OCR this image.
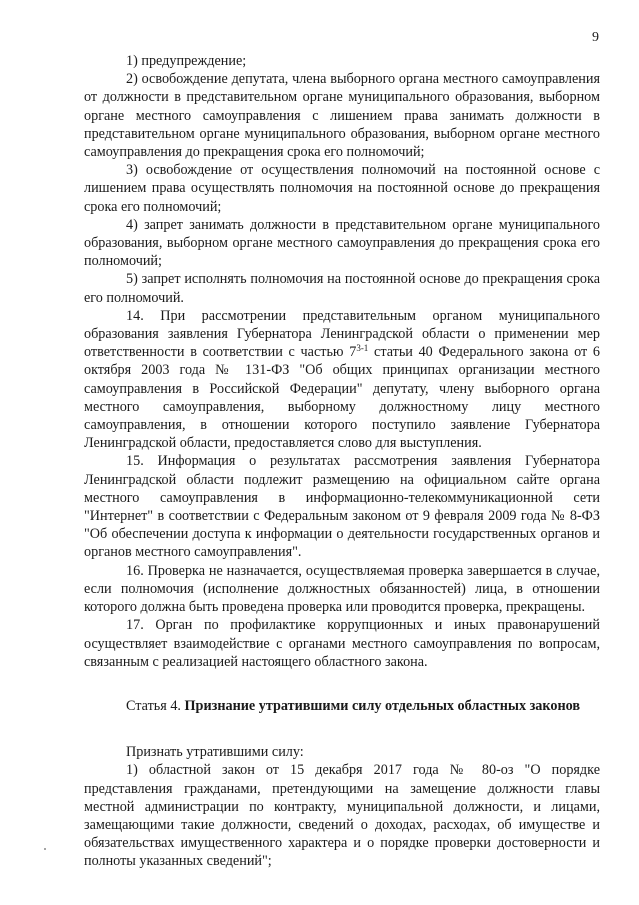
9

1) предупреждение;

2) освобождение депутата, члена выборного органа местного самоуправления от должности в представительном органе муниципального образования, выборном органе местного самоуправления с лишением права занимать должности в представительном органе муниципального образования, выборном органе местного самоуправления до прекращения срока его полномочий;

3) освобождение от осуществления полномочий на постоянной основе с лишением права осуществлять полномочия на постоянной основе до прекращения срока его полномочий;

4) запрет занимать должности в представительном органе муниципального образования, выборном органе местного самоуправления до прекращения срока его полномочий;

5) запрет исполнять полномочия на постоянной основе до прекращения срока его полномочий.

14. При рассмотрении представительным органом муниципального образования заявления Губернатора Ленинградской области о применении мер ответственности в соответствии с частью 7$^{3-1}$ статьи 40 Федерального закона от 6 октября 2003 года № 131-ФЗ "Об общих принципах организации местного самоуправления в Российской Федерации" депутату, члену выборного органа местного самоуправления, выборному должностному лицу местного самоуправления, в отношении которого поступило заявление Губернатора Ленинградской области, предоставляется слово для выступления.

15. Информация о результатах рассмотрения заявления Губернатора Ленинградской области подлежит размещению на официальном сайте органа местного самоуправления в информационно-телекоммуникационной сети "Интернет" в соответствии с Федеральным законом от 9 февраля 2009 года № 8-ФЗ "Об обеспечении доступа к информации о деятельности государственных органов и органов местного самоуправления".

16. Проверка не назначается, осуществляемая проверка завершается в случае, если полномочия (исполнение должностных обязанностей) лица, в отношении которого должна быть проведена проверка или проводится проверка, прекращены.

17. Орган по профилактике коррупционных и иных правонарушений осуществляет взаимодействие с органами местного самоуправления по вопросам, связанным с реализацией настоящего областного закона.

Статья 4. Признание утратившими силу отдельных областных законов

Признать утратившими силу:

1) областной закон от 15 декабря 2017 года № 80-оз "О порядке представления гражданами, претендующими на замещение должности главы местной администрации по контракту, муниципальной должности, и лицами, замещающими такие должности, сведений о доходах, расходах, об имуществе и обязательствах имущественного характера и о порядке проверки достоверности и полноты указанных сведений";
